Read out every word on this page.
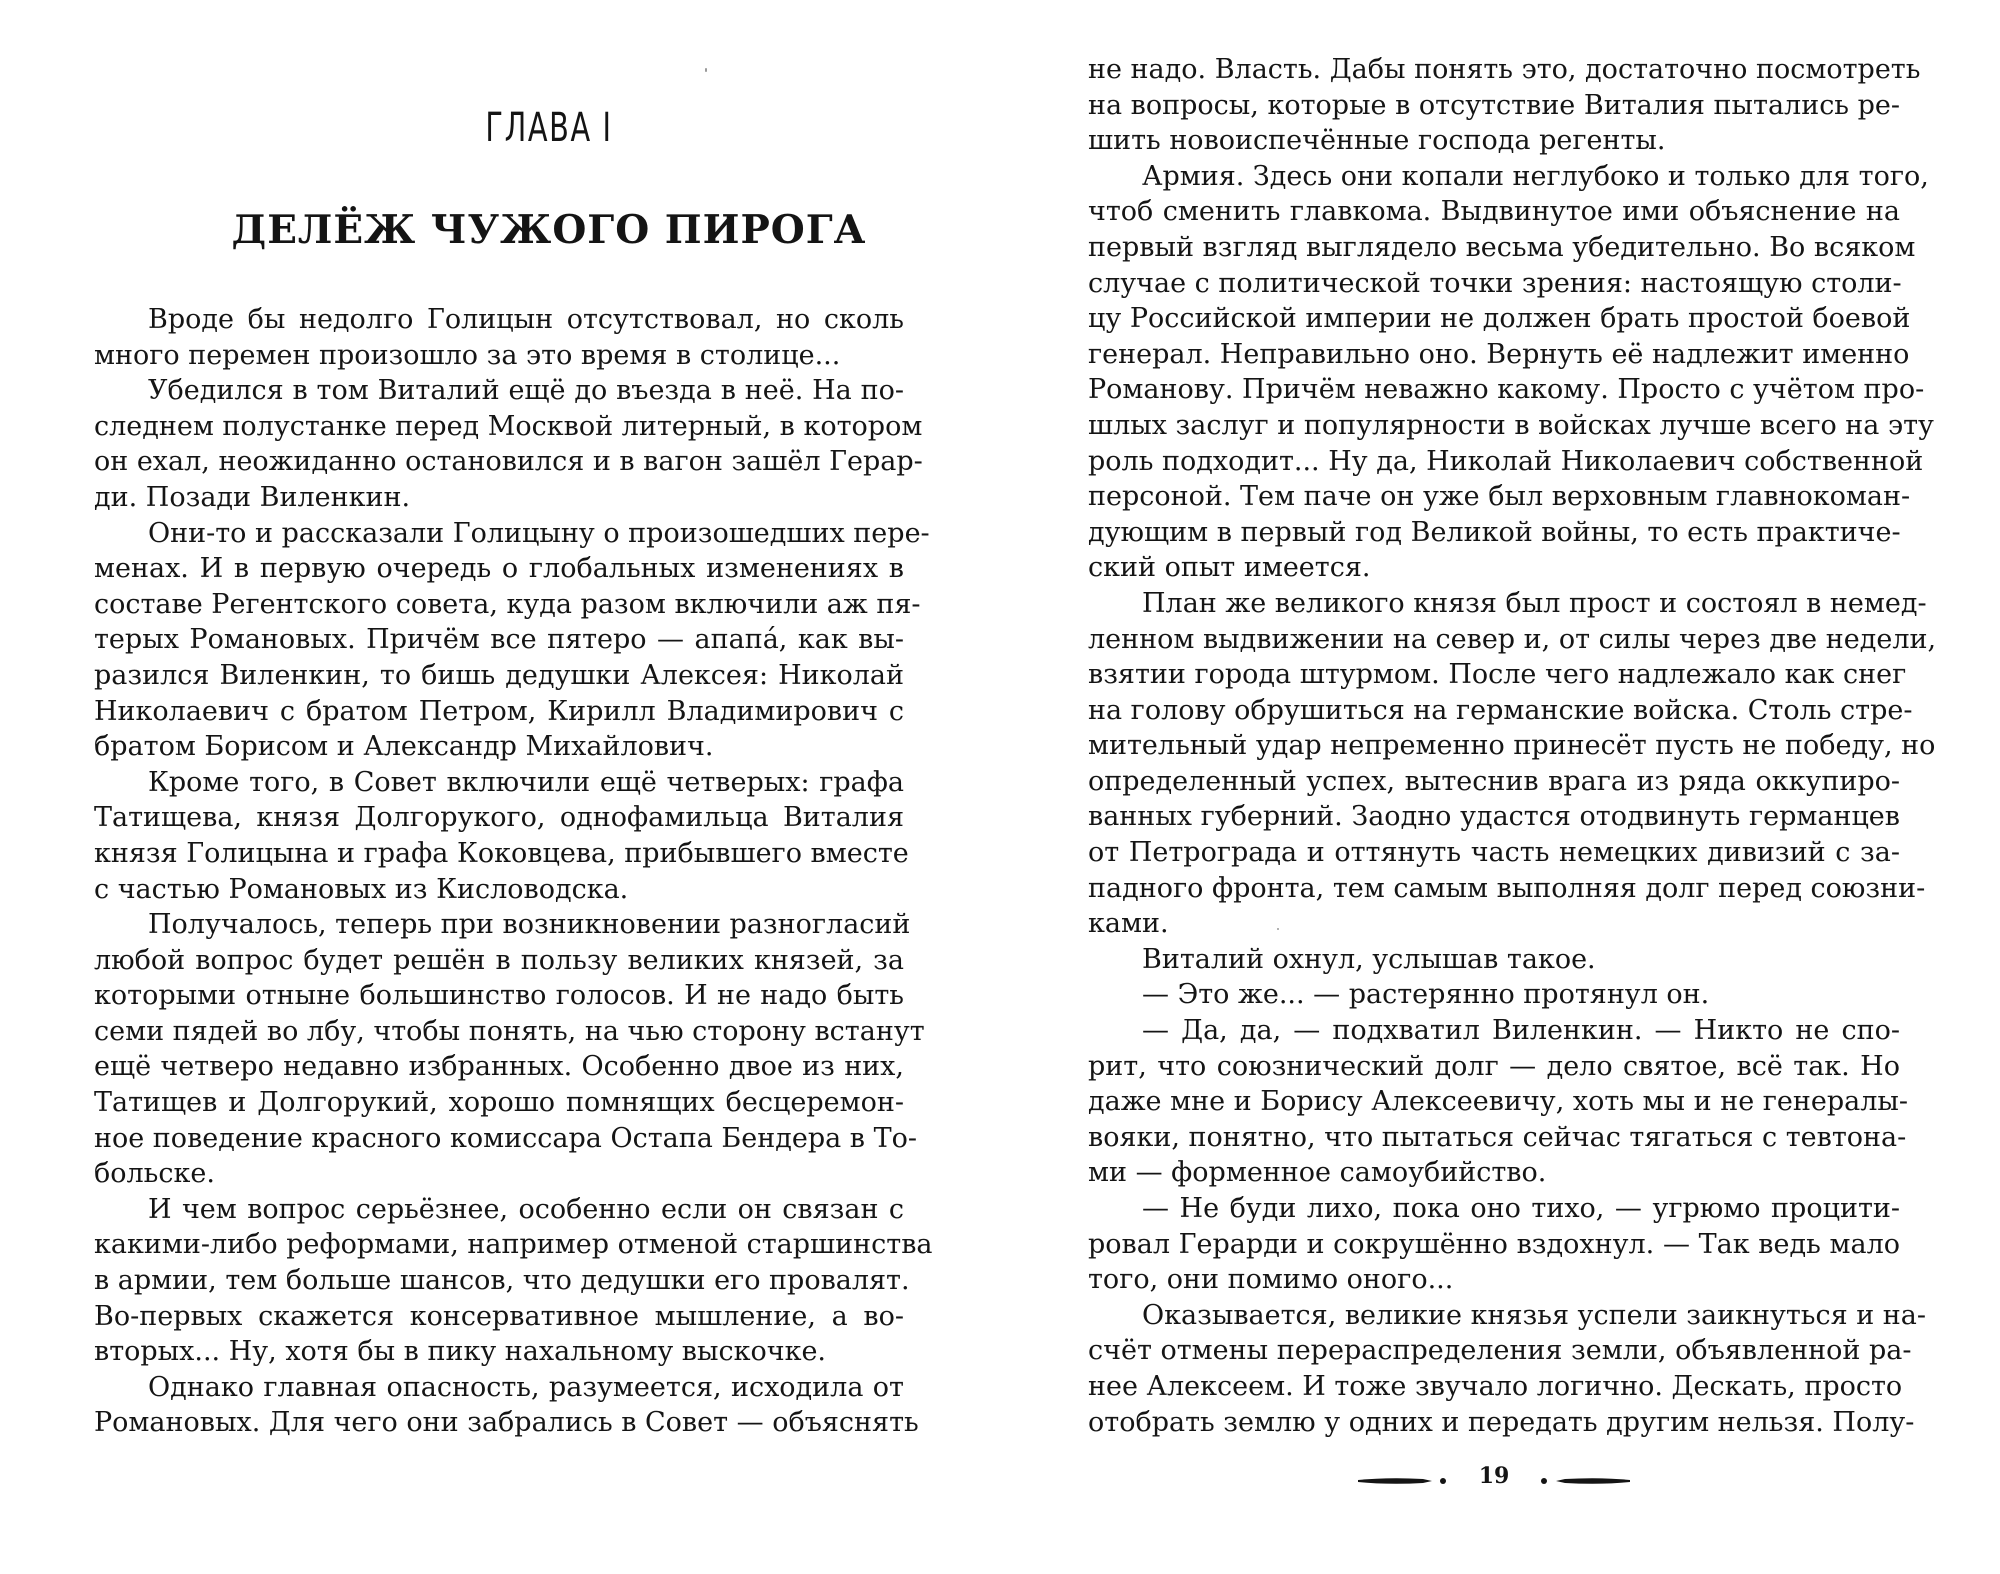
ГЛАВА I
ДЕЛЁЖ ЧУЖОГО ПИРОГА
Вроде бы недолго Голицын отсутствовал, но сколь
много перемен произошло за это время в столице...
Убедился в том Виталий ещё до въезда в неё. На по-
следнем полустанке перед Москвой литерный, в котором
он ехал, неожиданно остановился и в вагон зашёл Герар-
ди. Позади Виленкин.
Они-то и рассказали Голицыну о произошедших пере-
менах. И в первую очередь о глобальных изменениях в
составе Регентского совета, куда разом включили аж пя-
терых Романовых. Причём все пятеро — апапа́, как вы-
разился Виленкин, то бишь дедушки Алексея: Николай
Николаевич с братом Петром, Кирилл Владимирович с
братом Борисом и Александр Михайлович.
Кроме того, в Совет включили ещё четверых: графа
Татищева, князя Долгорукого, однофамильца Виталия
князя Голицына и графа Коковцева, прибывшего вместе
с частью Романовых из Кисловодска.
Получалось, теперь при возникновении разногласий
любой вопрос будет решён в пользу великих князей, за
которыми отныне большинство голосов. И не надо быть
семи пядей во лбу, чтобы понять, на чью сторону встанут
ещё четверо недавно избранных. Особенно двое из них,
Татищев и Долгорукий, хорошо помнящих бесцеремон-
ное поведение красного комиссара Остапа Бендера в То-
больске.
И чем вопрос серьёзнее, особенно если он связан с
какими-либо реформами, например отменой старшинства
в армии, тем больше шансов, что дедушки его провалят.
Во-первых скажется консервативное мышление, а во-
вторых... Ну, хотя бы в пику нахальному выскочке.
Однако главная опасность, разумеется, исходила от
Романовых. Для чего они забрались в Совет — объяснять
не надо. Власть. Дабы понять это, достаточно посмотреть
на вопросы, которые в отсутствие Виталия пытались ре-
шить новоиспечённые господа регенты.
Армия. Здесь они копали неглубоко и только для того,
чтоб сменить главкома. Выдвинутое ими объяснение на
первый взгляд выглядело весьма убедительно. Во всяком
случае с политической точки зрения: настоящую столи-
цу Российской империи не должен брать простой боевой
генерал. Неправильно оно. Вернуть её надлежит именно
Романову. Причём неважно какому. Просто с учётом про-
шлых заслуг и популярности в войсках лучше всего на эту
роль подходит... Ну да, Николай Николаевич собственной
персоной. Тем паче он уже был верховным главнокоман-
дующим в первый год Великой войны, то есть практиче-
ский опыт имеется.
План же великого князя был прост и состоял в немед-
ленном выдвижении на север и, от силы через две недели,
взятии города штурмом. После чего надлежало как снег
на голову обрушиться на германские войска. Столь стре-
мительный удар непременно принесёт пусть не победу, но
определенный успех, вытеснив врага из ряда оккупиро-
ванных губерний. Заодно удастся отодвинуть германцев
от Петрограда и оттянуть часть немецких дивизий с за-
падного фронта, тем самым выполняя долг перед союзни-
ками.
Виталий охнул, услышав такое.
— Это же... — растерянно протянул он.
— Да, да, — подхватил Виленкин. — Никто не спо-
рит, что союзнический долг — дело святое, всё так. Но
даже мне и Борису Алексеевичу, хоть мы и не генералы-
вояки, понятно, что пытаться сейчас тягаться с тевтона-
ми — форменное самоубийство.
— Не буди лихо, пока оно тихо, — угрюмо процити-
ровал Герарди и сокрушённо вздохнул. — Так ведь мало
того, они помимо оного...
Оказывается, великие князья успели заикнуться и на-
счёт отмены перераспределения земли, объявленной ра-
нее Алексеем. И тоже звучало логично. Дескать, просто
отобрать землю у одних и передать другим нельзя. Полу-
19
